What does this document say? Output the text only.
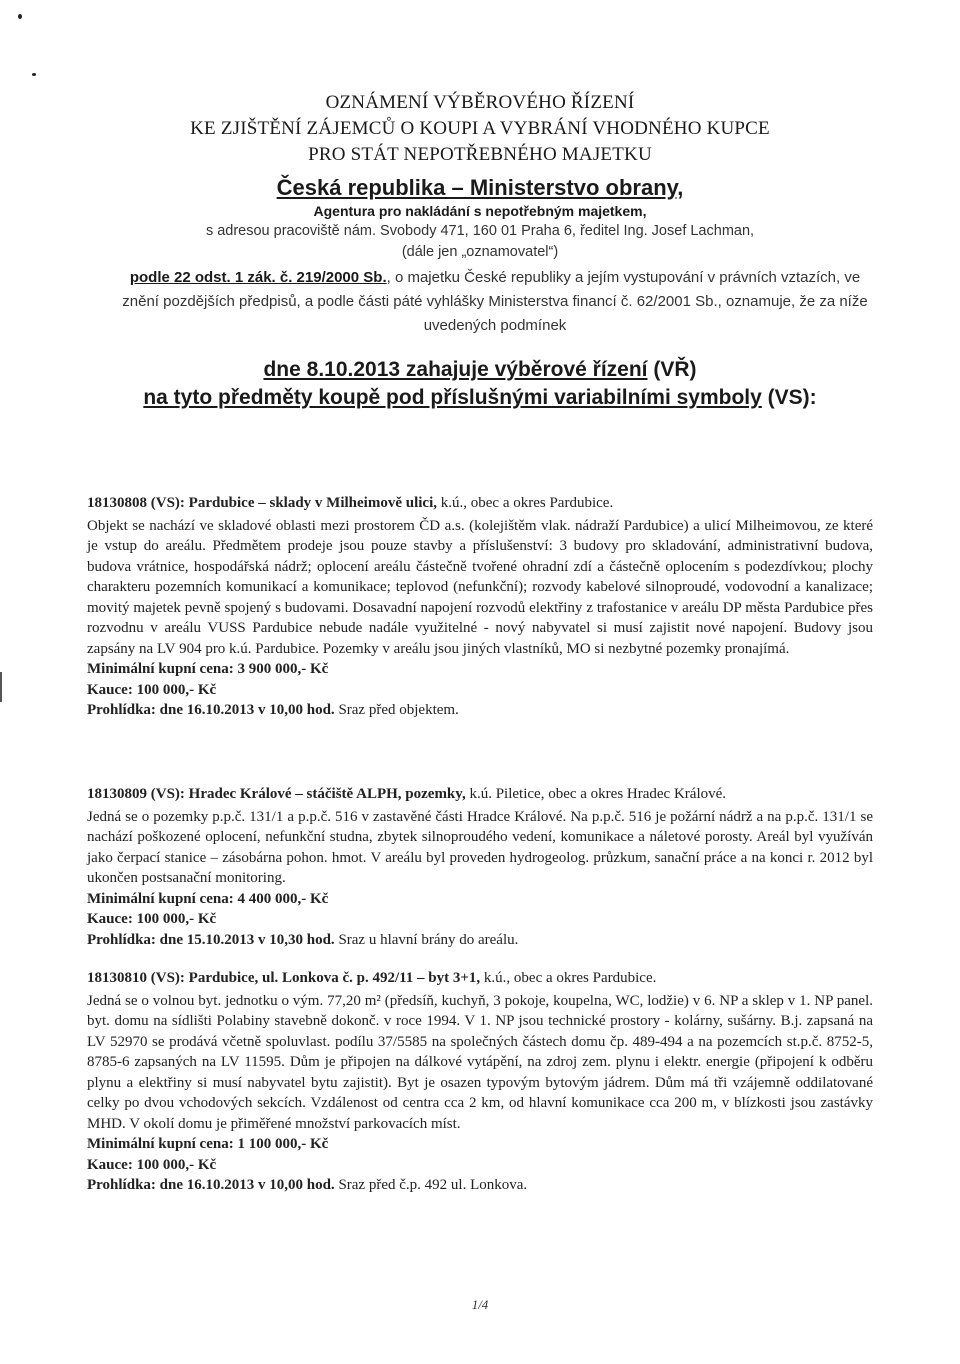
OZNÁMENÍ VÝBĚROVÉHO ŘÍZENÍ

KE ZJIŠTĚNÍ ZÁJEMCŮ O KOUPI A VYBRÁNÍ VHODNÉHO KUPCE

PRO STÁT NEPOTŘEBNÉHO MAJETKU

Česká republika – Ministerstvo obrany,
Agentura pro nakládání s nepotřebným majetkem,
s adresou pracoviště nám. Svobody 471, 160 01 Praha 6, ředitel Ing. Josef Lachman,
(dále jen „oznamovatel“)
podle 22 odst. 1 zák. č. 219/2000 Sb., o majetku České republiky a jejím vystupování v právních vztazích, ve znění pozdějších předpisů, a podle části páté vyhlášky Ministerstva financí č. 62/2001 Sb., oznamuje, že za níže uvedených podmínek
dne 8.10.2013 zahajuje výběrové řízení (VŘ)
na tyto předměty koupě pod příslušnými variabilními symboly (VS):

18130808 (VS): Pardubice – sklady v Milheimově ulici, k.ú., obec a okres Pardubice.

Objekt se nachází ve skladové oblasti mezi prostorem ČD a.s. (kolejištěm vlak. nádraží Pardubice) a ulicí Milheimovou, ze které je vstup do areálu. Předmětem prodeje jsou pouze stavby a příslušenství: 3 budovy pro skladování, administrativní budova, budova vrátnice, hospodářská nádrž; oplocení areálu částečně tvořené ohradní zdí a částečně oplocením s podezdívkou; plochy charakteru pozemních komunikací a komunikace; teplovod (nefunkční); rozvody kabelové silnoproudé, vodovodní a kanalizace; movitý majetek pevně spojený s budovami. Dosavadní napojení rozvodů elektřiny z trafostanice v areálu DP města Pardubice přes rozvodnu v areálu VUSS Pardubice nebude nadále využitelné - nový nabyvatel si musí zajistit nové napojení. Budovy jsou zapsány na LV 904 pro k.ú. Pardubice. Pozemky v areálu jsou jiných vlastníků, MO si nezbytné pozemky pronajímá.

Minimální kupní cena: 3 900 000,- Kč

Kauce: 100 000,- Kč

Prohlídka: dne 16.10.2013 v 10,00 hod. Sraz před objektem.

18130809 (VS): Hradec Králové – stáčiště ALPH, pozemky, k.ú. Piletice, obec a okres Hradec Králové.

Jedná se o pozemky p.p.č. 131/1 a p.p.č. 516 v zastavěné části Hradce Králové. Na p.p.č. 516 je požární nádrž a na p.p.č. 131/1 se nachází poškozené oplocení, nefunkční studna, zbytek silnoproudého vedení, komunikace a náletové porosty. Areál byl využíván jako čerpací stanice – zásobárna pohon. hmot. V areálu byl proveden hydrogeolog. průzkum, sanační práce a na konci r. 2012 byl ukončen postsanační monitoring.

Minimální kupní cena: 4 400 000,- Kč

Kauce: 100 000,- Kč

Prohlídka: dne 15.10.2013 v 10,30 hod. Sraz u hlavní brány do areálu.

18130810 (VS): Pardubice, ul. Lonkova č. p. 492/11 – byt 3+1, k.ú., obec a okres Pardubice.

Jedná se o volnou byt. jednotku o vým. 77,20 m² (předsíň, kuchyň, 3 pokoje, koupelna, WC, lodžie) v 6. NP a sklep v 1. NP panel. byt. domu na sídlišti Polabiny stavebně dokonč. v roce 1994. V 1. NP jsou technické prostory - kolárny, sušárny. B.j. zapsaná na LV 52970 se prodává včetně spoluvlast. podílu 37/5585 na společných částech domu čp. 489-494 a na pozemcích st.p.č. 8752-5, 8785-6 zapsaných na LV 11595. Dům je připojen na dálkové vytápění, na zdroj zem. plynu i elektr. energie (připojení k odběru plynu a elektřiny si musí nabyvatel bytu zajistit). Byt je osazen typovým bytovým jádrem. Dům má tři vzájemně oddilatované celky po dvou vchodových sekcích. Vzdálenost od centra cca 2 km, od hlavní komunikace cca 200 m, v blízkosti jsou zastávky MHD. V okolí domu je přiměřené množství parkovacích míst.

Minimální kupní cena: 1 100 000,- Kč

Kauce: 100 000,- Kč

Prohlídka: dne 16.10.2013 v 10,00 hod. Sraz před č.p. 492 ul. Lonkova.

1/4
